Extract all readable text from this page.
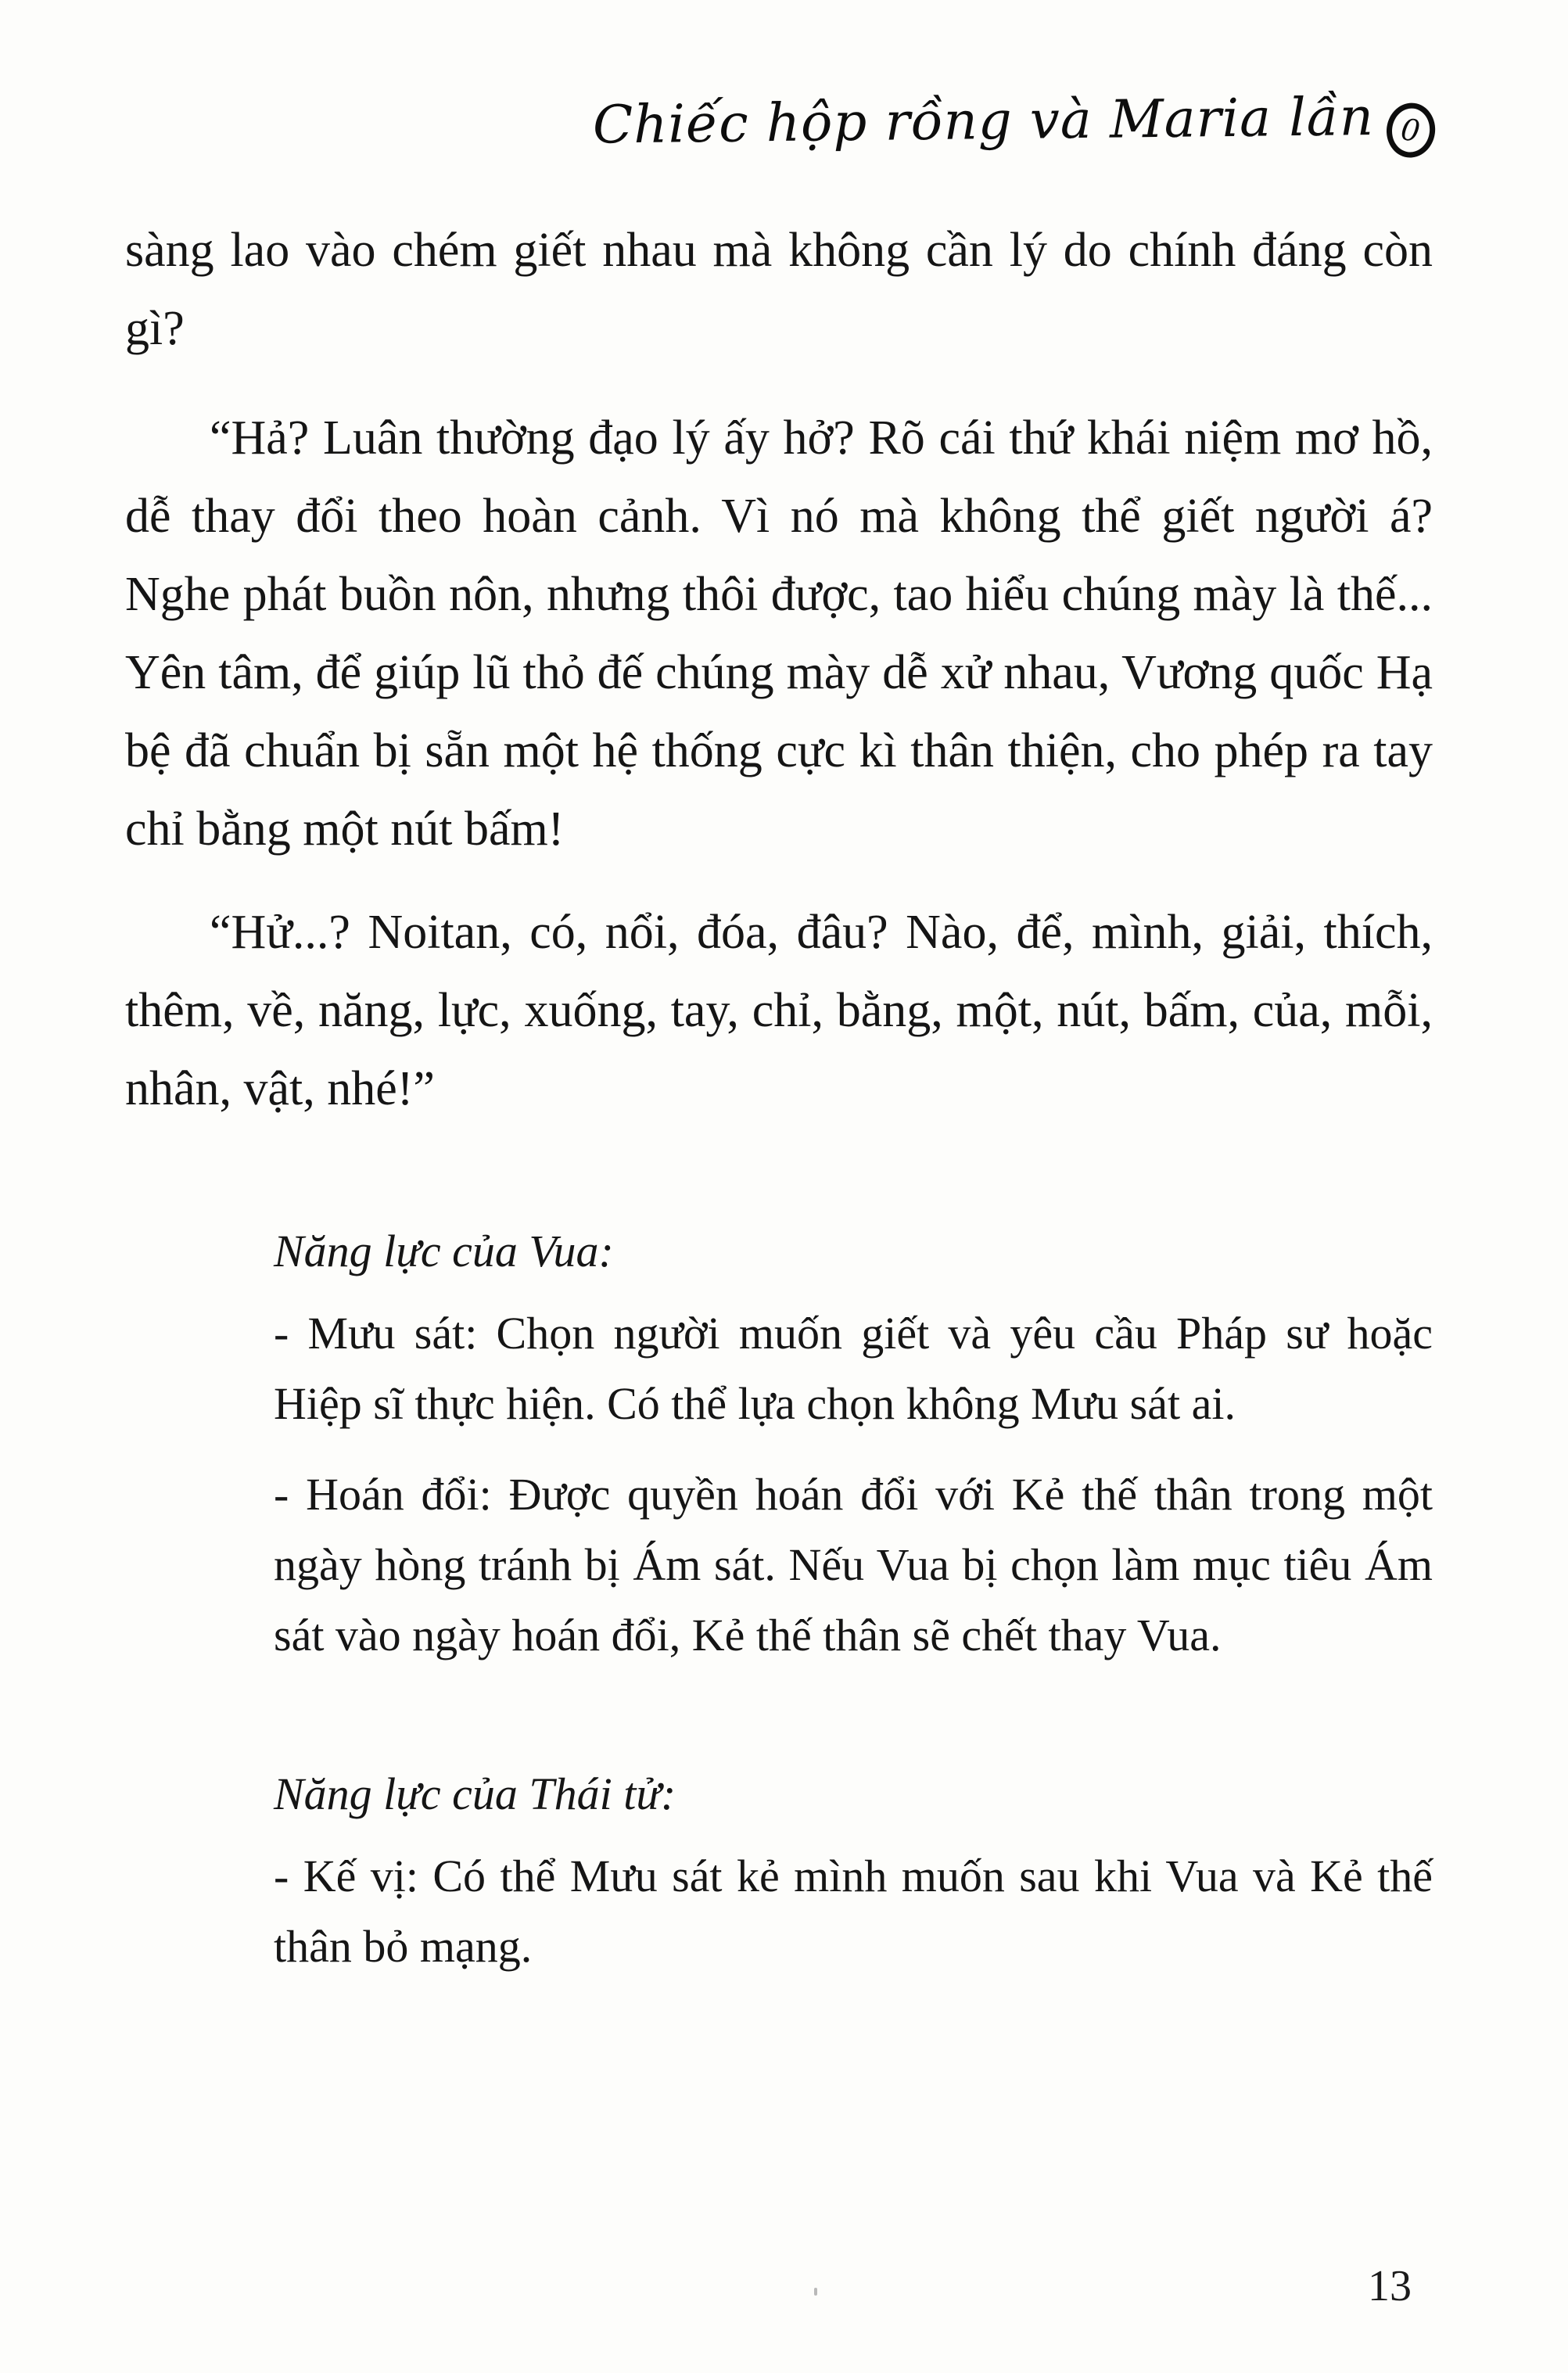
Chiếc hộp rồng và Maria lần 0

sàng lao vào chém giết nhau mà không cần lý do chính đáng còn gì?

“Hả? Luân thường đạo lý ấy hở? Rõ cái thứ khái niệm mơ hồ, dễ thay đổi theo hoàn cảnh. Vì nó mà không thể giết người á? Nghe phát buồn nôn, nhưng thôi được, tao hiểu chúng mày là thế... Yên tâm, để giúp lũ thỏ đế chúng mày dễ xử nhau, Vương quốc Hạ bệ đã chuẩn bị sẵn một hệ thống cực kì thân thiện, cho phép ra tay chỉ bằng một nút bấm!

“Hử...? Noitan, có, nổi, đóa, đâu? Nào, để, mình, giải, thích, thêm, về, năng, lực, xuống, tay, chỉ, bằng, một, nút, bấm, của, mỗi, nhân, vật, nhé!”

Năng lực của Vua:

- Mưu sát: Chọn người muốn giết và yêu cầu Pháp sư hoặc Hiệp sĩ thực hiện. Có thể lựa chọn không Mưu sát ai.

- Hoán đổi: Được quyền hoán đổi với Kẻ thế thân trong một ngày hòng tránh bị Ám sát. Nếu Vua bị chọn làm mục tiêu Ám sát vào ngày hoán đổi, Kẻ thế thân sẽ chết thay Vua.

Năng lực của Thái tử:

- Kế vị: Có thể Mưu sát kẻ mình muốn sau khi Vua và Kẻ thế thân bỏ mạng.

13
